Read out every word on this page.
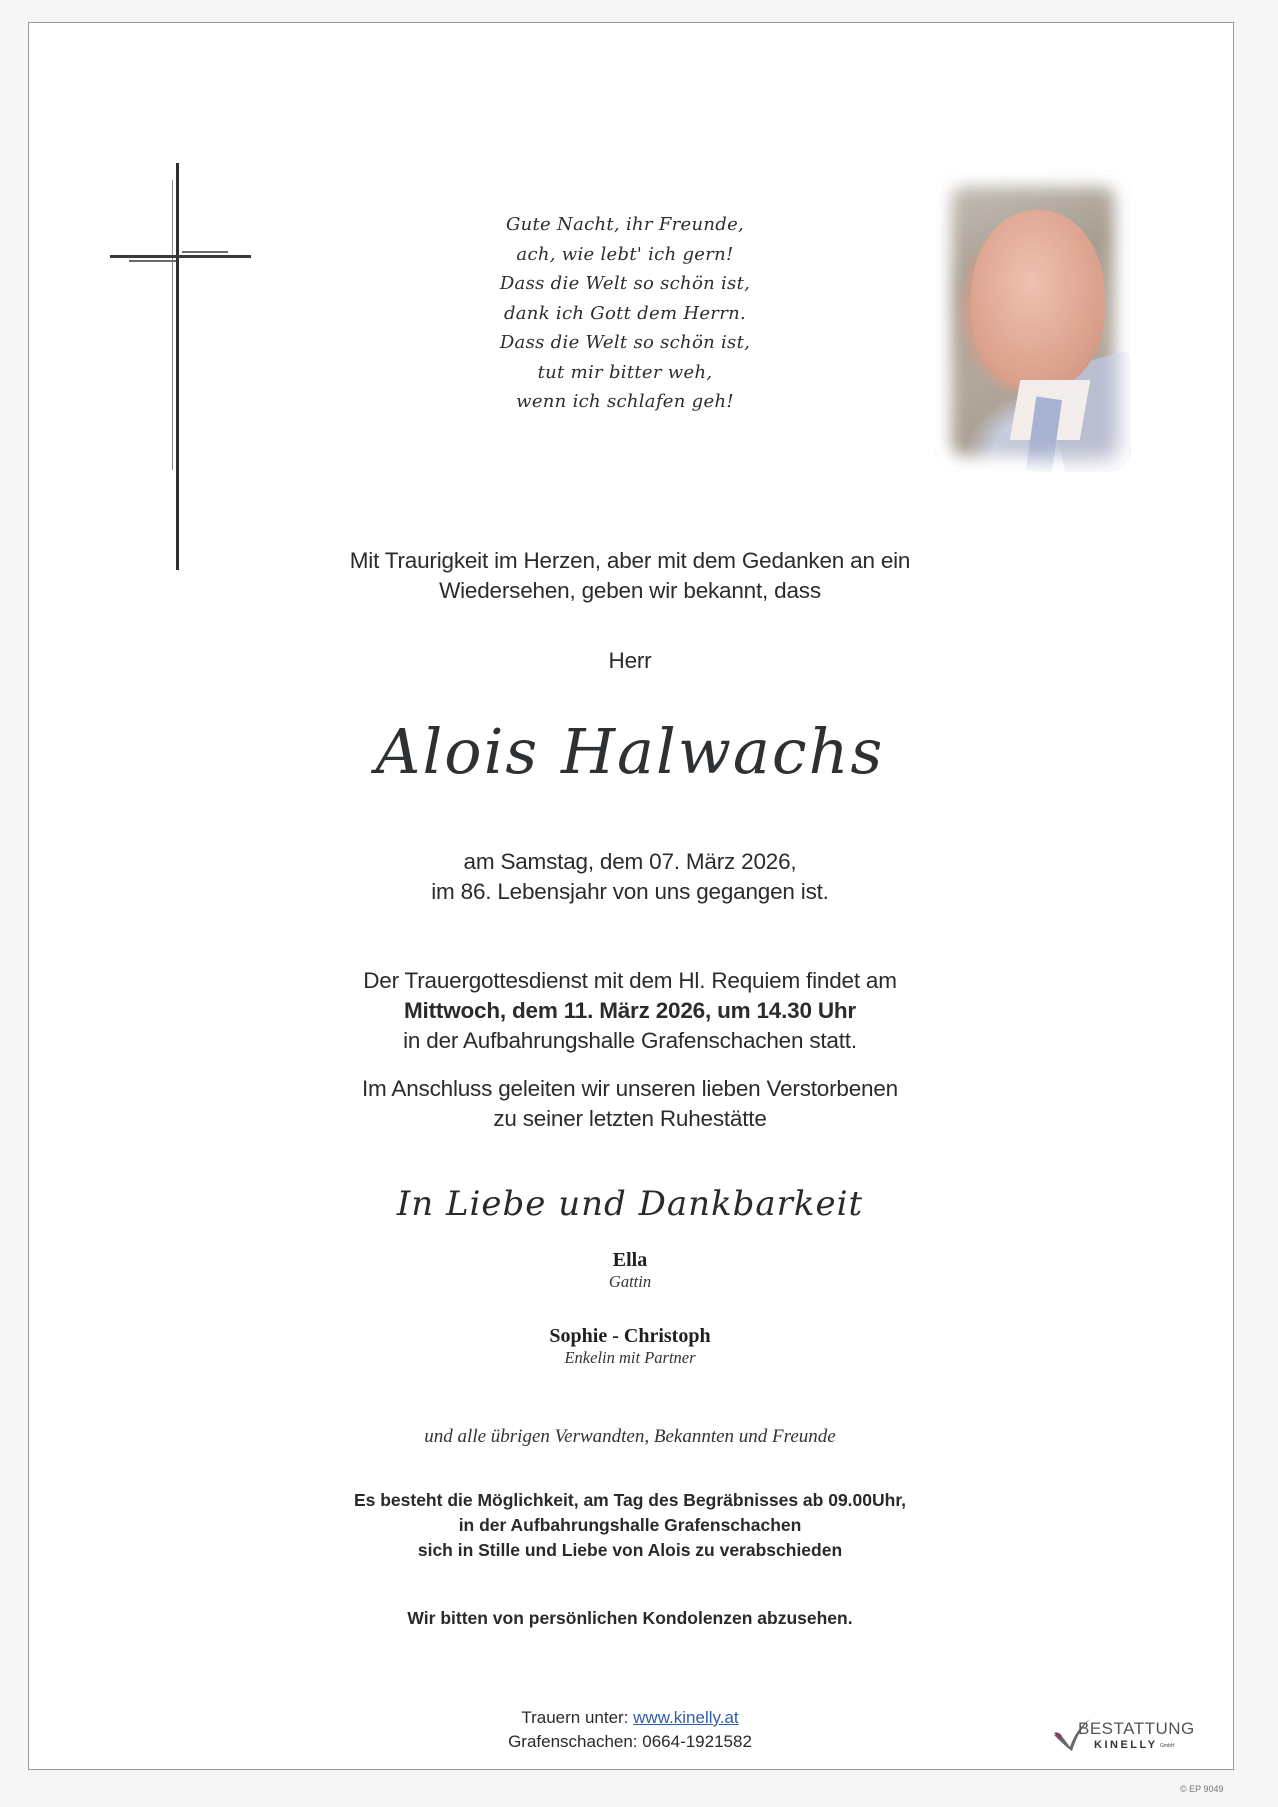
Gute Nacht, ihr Freunde,
ach, wie lebt' ich gern!
Dass die Welt so schön ist,
dank ich Gott dem Herrn.
Dass die Welt so schön ist,
tut mir bitter weh,
wenn ich schlafen geh!
Mit Traurigkeit im Herzen, aber mit dem Gedanken an ein
Wiedersehen, geben wir bekannt, dass
Herr
Alois Halwachs
am Samstag, dem 07. März 2026,
im 86. Lebensjahr von uns gegangen ist.
Der Trauergottesdienst mit dem Hl. Requiem findet am
Mittwoch, dem 11. März 2026, um 14.30 Uhr
in der Aufbahrungshalle Grafenschachen statt.
Im Anschluss geleiten wir unseren lieben Verstorbenen
zu seiner letzten Ruhestätte
In Liebe und Dankbarkeit
Ella
Gattin
Sophie - Christoph
Enkelin mit Partner
und alle übrigen Verwandten, Bekannten und Freunde
Es besteht die Möglichkeit, am Tag des Begräbnisses ab 09.00Uhr,
in der Aufbahrungshalle Grafenschachen
sich in Stille und Liebe von Alois zu verabschieden
Wir bitten von persönlichen Kondolenzen abzusehen.
Trauern unter: www.kinelly.at
Grafenschachen: 0664-1921582
BESTATTUNG
KINELLY GmbH
© EP 9049
